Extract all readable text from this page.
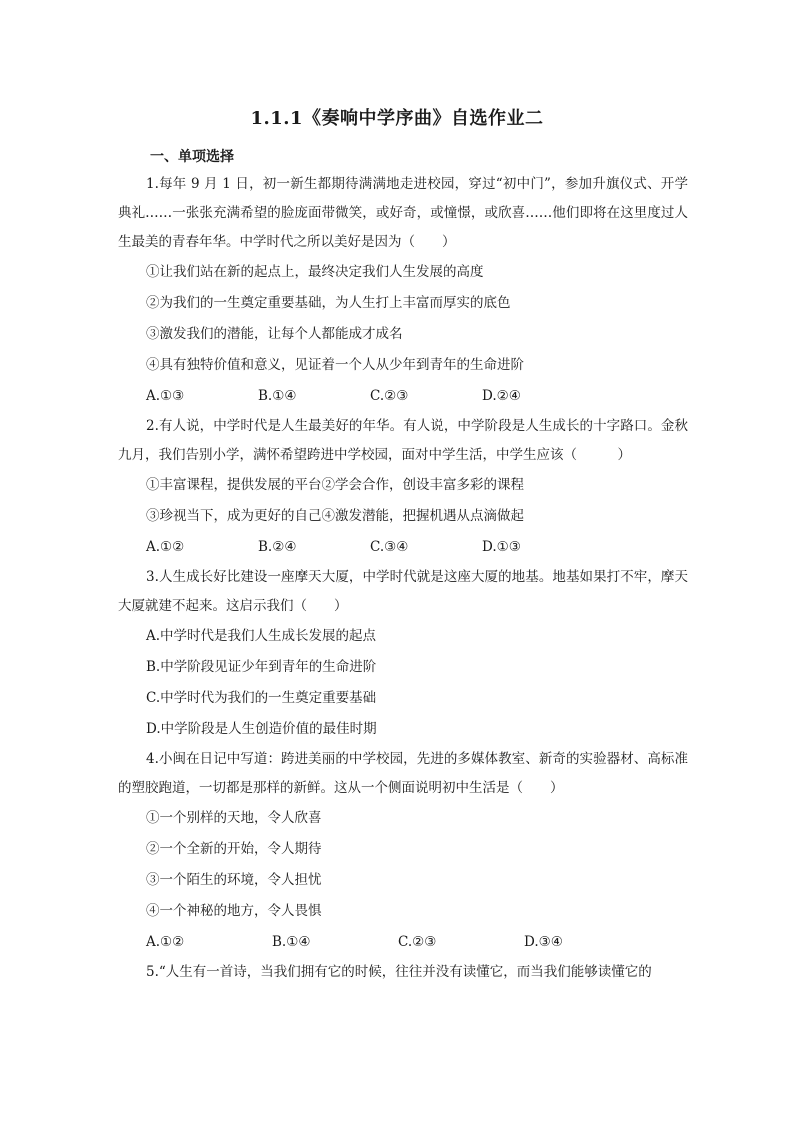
1.1.1《奏响中学序曲》自选作业二
一、单项选择

1.每年 9 月 1 日，初一新生都期待满满地走进校园，穿过“初中门”，参加升旗仪式、开学典礼……一张张充满希望的脸庞面带微笑，或好奇，或憧憬，或欣喜……他们即将在这里度过人生最美的青春年华。中学时代之所以美好是因为（　　）

①让我们站在新的起点上，最终决定我们人生发展的高度

②为我们的一生奠定重要基础，为人生打上丰富而厚实的底色

③激发我们的潜能，让每个人都能成才成名

④具有独特价值和意义，见证着一个人从少年到青年的生命进阶

A.①③	B.①④	C.②③	D.②④

2.有人说，中学时代是人生最美好的年华。有人说，中学阶段是人生成长的十字路口。金秋九月，我们告别小学，满怀希望跨进中学校园，面对中学生活，中学生应该（　　　）

①丰富课程，提供发展的平台②学会合作，创设丰富多彩的课程

③珍视当下，成为更好的自己④激发潜能，把握机遇从点滴做起

A.①②	B.②④	C.③④	D.①③

3.人生成长好比建设一座摩天大厦，中学时代就是这座大厦的地基。地基如果打不牢，摩天大厦就建不起来。这启示我们（　　）

A.中学时代是我们人生成长发展的起点

B.中学阶段见证少年到青年的生命进阶

C.中学时代为我们的一生奠定重要基础

D.中学阶段是人生创造价值的最佳时期

4.小闽在日记中写道：跨进美丽的中学校园，先进的多媒体教室、新奇的实验器材、高标准的塑胶跑道，一切都是那样的新鲜。这从一个侧面说明初中生活是（　　）

①一个别样的天地，令人欣喜

②一个全新的开始，令人期待

③一个陌生的环境，令人担忧

④一个神秘的地方，令人畏惧

A.①②	B.①④	C.②③	D.③④

5.“人生有一首诗，当我们拥有它的时候，往往并没有读懂它，而当我们能够读懂它的
